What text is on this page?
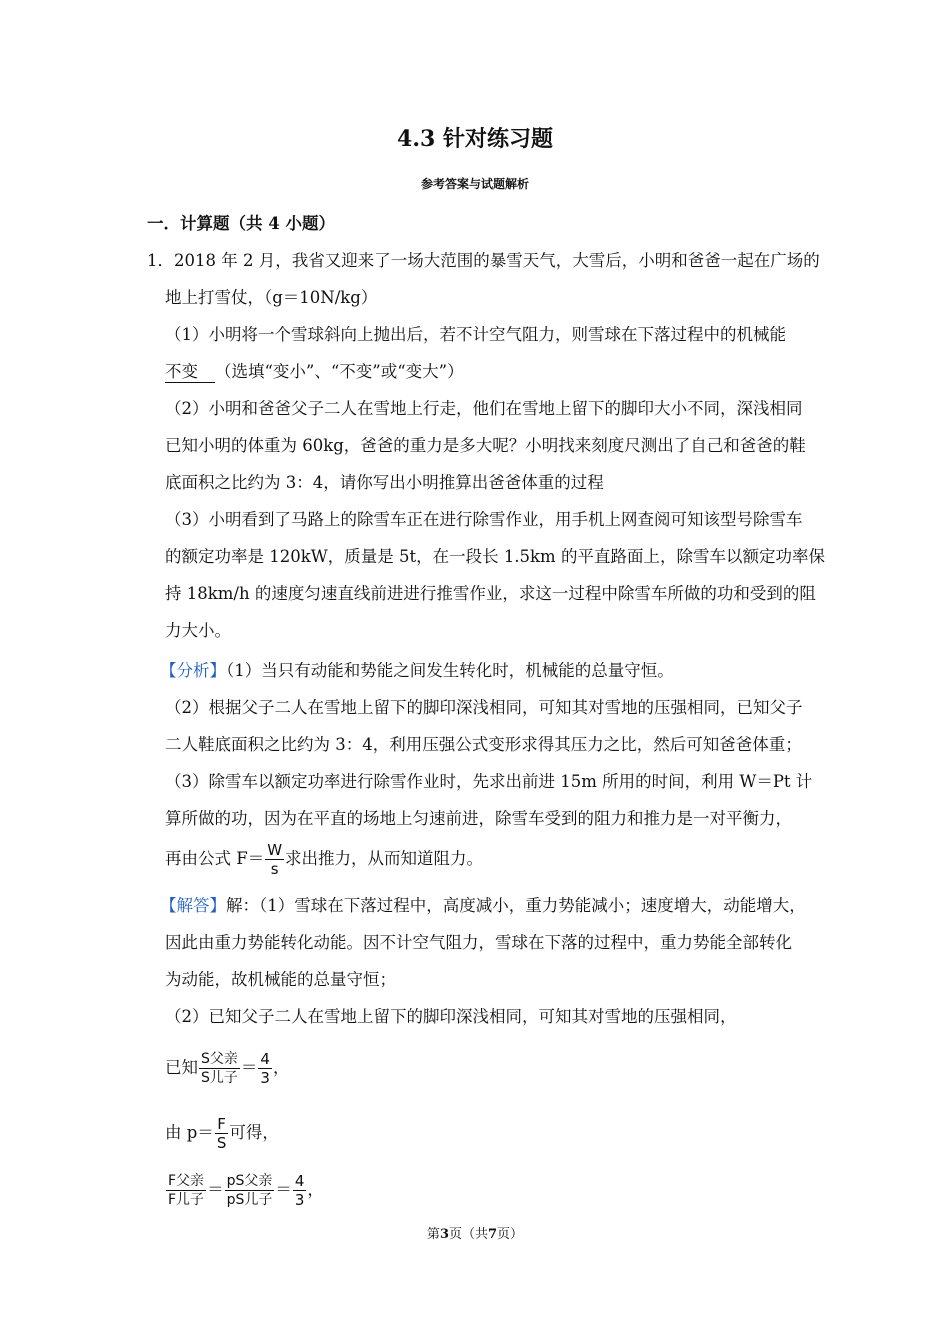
4.3 针对练习题
参考答案与试题解析
一．计算题（共 4 小题）
1．2018 年 2 月，我省又迎来了一场大范围的暴雪天气，大雪后，小明和爸爸一起在广场的
地上打雪仗，（g＝10N/kg）
（1）小明将一个雪球斜向上抛出后，若不计空气阻力，则雪球在下落过程中的机械能
不变 （选填“变小”、“不变”或“变大”）
（2）小明和爸爸父子二人在雪地上行走，他们在雪地上留下的脚印大小不同，深浅相同
已知小明的体重为 60kg，爸爸的重力是多大呢？小明找来刻度尺测出了自己和爸爸的鞋
底面积之比约为 3：4，请你写出小明推算出爸爸体重的过程
（3）小明看到了马路上的除雪车正在进行除雪作业，用手机上网查阅可知该型号除雪车
的额定功率是 120kW，质量是 5t，在一段长 1.5km 的平直路面上，除雪车以额定功率保
持 18km/h 的速度匀速直线前进进行推雪作业，求这一过程中除雪车所做的功和受到的阻
力大小。
【分析】（1）当只有动能和势能之间发生转化时，机械能的总量守恒。
（2）根据父子二人在雪地上留下的脚印深浅相同，可知其对雪地的压强相同，已知父子
二人鞋底面积之比约为 3：4，利用压强公式变形求得其压力之比，然后可知爸爸体重；
（3）除雪车以额定功率进行除雪作业时，先求出前进 15m 所用的时间，利用 W＝Pt 计
算所做的功，因为在平直的场地上匀速前进，除雪车受到的阻力和推力是一对平衡力，
再由公式 $F= \frac{W}{s}$ 求出推力，从而知道阻力。
【解答】解：（1）雪球在下落过程中，高度减小，重力势能减小；速度增大，动能增大，
因此由重力势能转化动能。因不计空气阻力，雪球在下落的过程中，重力势能全部转化
为动能，故机械能的总量守恒；
（2）已知父子二人在雪地上留下的脚印深浅相同，可知其对雪地的压强相同，
已知 $\frac{\text{S父亲}}{\text{S儿子}} = \frac{4}{3}$ ，
由 $p= \frac{F}{S}$ 可得，
$\frac{\text{F父亲}}{\text{F儿子}} = \frac{\text{pS父亲}}{\text{pS儿子}} = \frac{4}{3}$ ，
第3页（共7页）
